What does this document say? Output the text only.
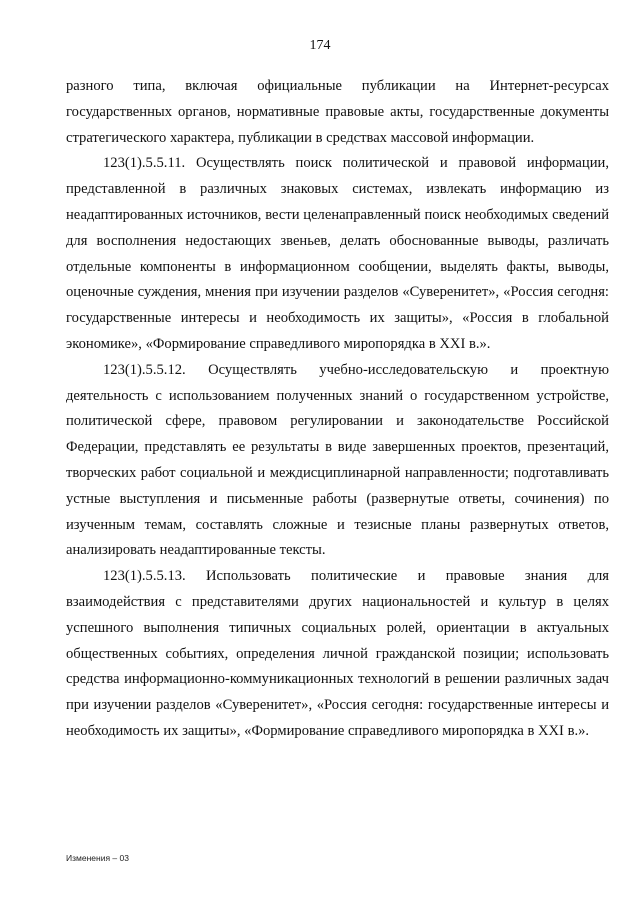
174

разного типа, включая официальные публикации на Интернет-ресурсах государственных органов, нормативные правовые акты, государственные документы стратегического характера, публикации в средствах массовой информации.

123(1).5.5.11. Осуществлять поиск политической и правовой информации, представленной в различных знаковых системах, извлекать информацию из неадаптированных источников, вести целенаправленный поиск необходимых сведений для восполнения недостающих звеньев, делать обоснованные выводы, различать отдельные компоненты в информационном сообщении, выделять факты, выводы, оценочные суждения, мнения при изучении разделов «Суверенитет», «Россия сегодня: государственные интересы и необходимость их защиты», «Россия в глобальной экономике», «Формирование справедливого миропорядка в XXI в.».

123(1).5.5.12. Осуществлять учебно-исследовательскую и проектную деятельность с использованием полученных знаний о государственном устройстве, политической сфере, правовом регулировании и законодательстве Российской Федерации, представлять ее результаты в виде завершенных проектов, презентаций, творческих работ социальной и междисциплинарной направленности; подготавливать устные выступления и письменные работы (развернутые ответы, сочинения) по изученным темам, составлять сложные и тезисные планы развернутых ответов, анализировать неадаптированные тексты.

123(1).5.5.13. Использовать политические и правовые знания для взаимодействия с представителями других национальностей и культур в целях успешного выполнения типичных социальных ролей, ориентации в актуальных общественных событиях, определения личной гражданской позиции; использовать средства информационно-коммуникационных технологий в решении различных задач при изучении разделов «Суверенитет», «Россия сегодня: государственные интересы и необходимость их защиты», «Формирование справедливого миропорядка в XXI в.».

Изменения – 03
